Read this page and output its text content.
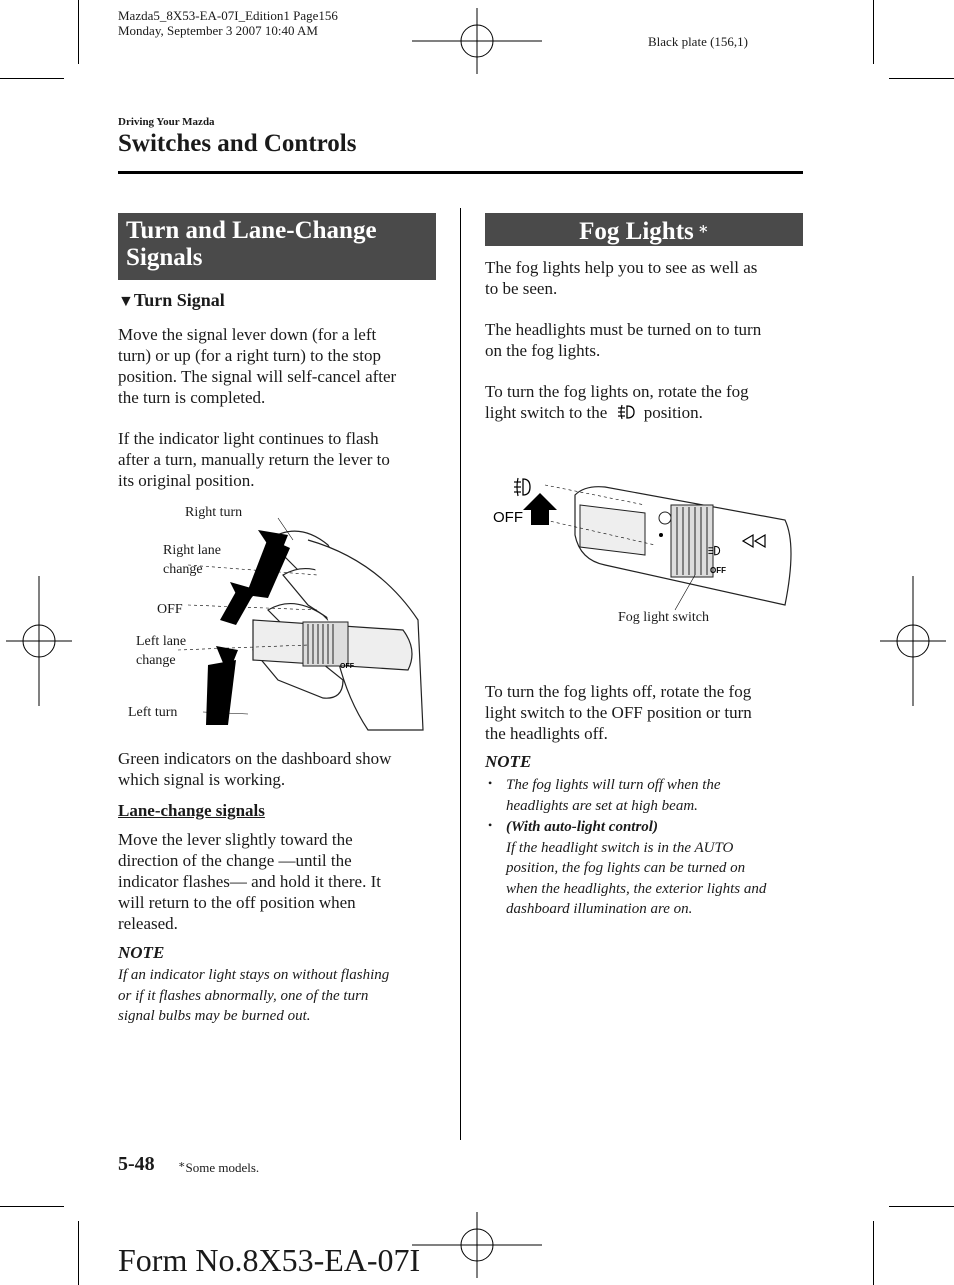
Mazda5_8X53-EA-07I_Edition1 Page156
Monday, September 3 2007 10:40 AM
Black plate (156,1)
Driving Your Mazda
Switches and Controls
Turn and Lane-Change Signals
▼Turn Signal
Move the signal lever down (for a left
turn) or up (for a right turn) to the stop
position. The signal will self-cancel after
the turn is completed.
If the indicator light continues to flash
after a turn, manually return the lever to
its original position.
OFF
Right turn
Right lane
change
OFF
Left lane
change
Left turn
Green indicators on the dashboard show
which signal is working.
Lane-change signals
Move the lever slightly toward the
direction of the change ―until the
indicator flashes― and hold it there. It
will return to the off position when
released.
NOTE
If an indicator light stays on without flashing
or if it flashes abnormally, one of the turn
signal bulbs may be burned out.
Fog Lights ∗
The fog lights help you to see as well as
to be seen.
The headlights must be turned on to turn
on the fog lights.
To turn the fog lights on, rotate the fog
light switch to the position.
OFF
OFF
Fog light switch
To turn the fog lights off, rotate the fog
light switch to the OFF position or turn
the headlights off.
NOTE
• The fog lights will turn off when the
headlights are set at high beam.
• (With auto-light control)
If the headlight switch is in the AUTO
position, the fog lights can be turned on
when the headlights, the exterior lights and
dashboard illumination are on.
5-48 ∗Some models.
Form No.8X53-EA-07I
